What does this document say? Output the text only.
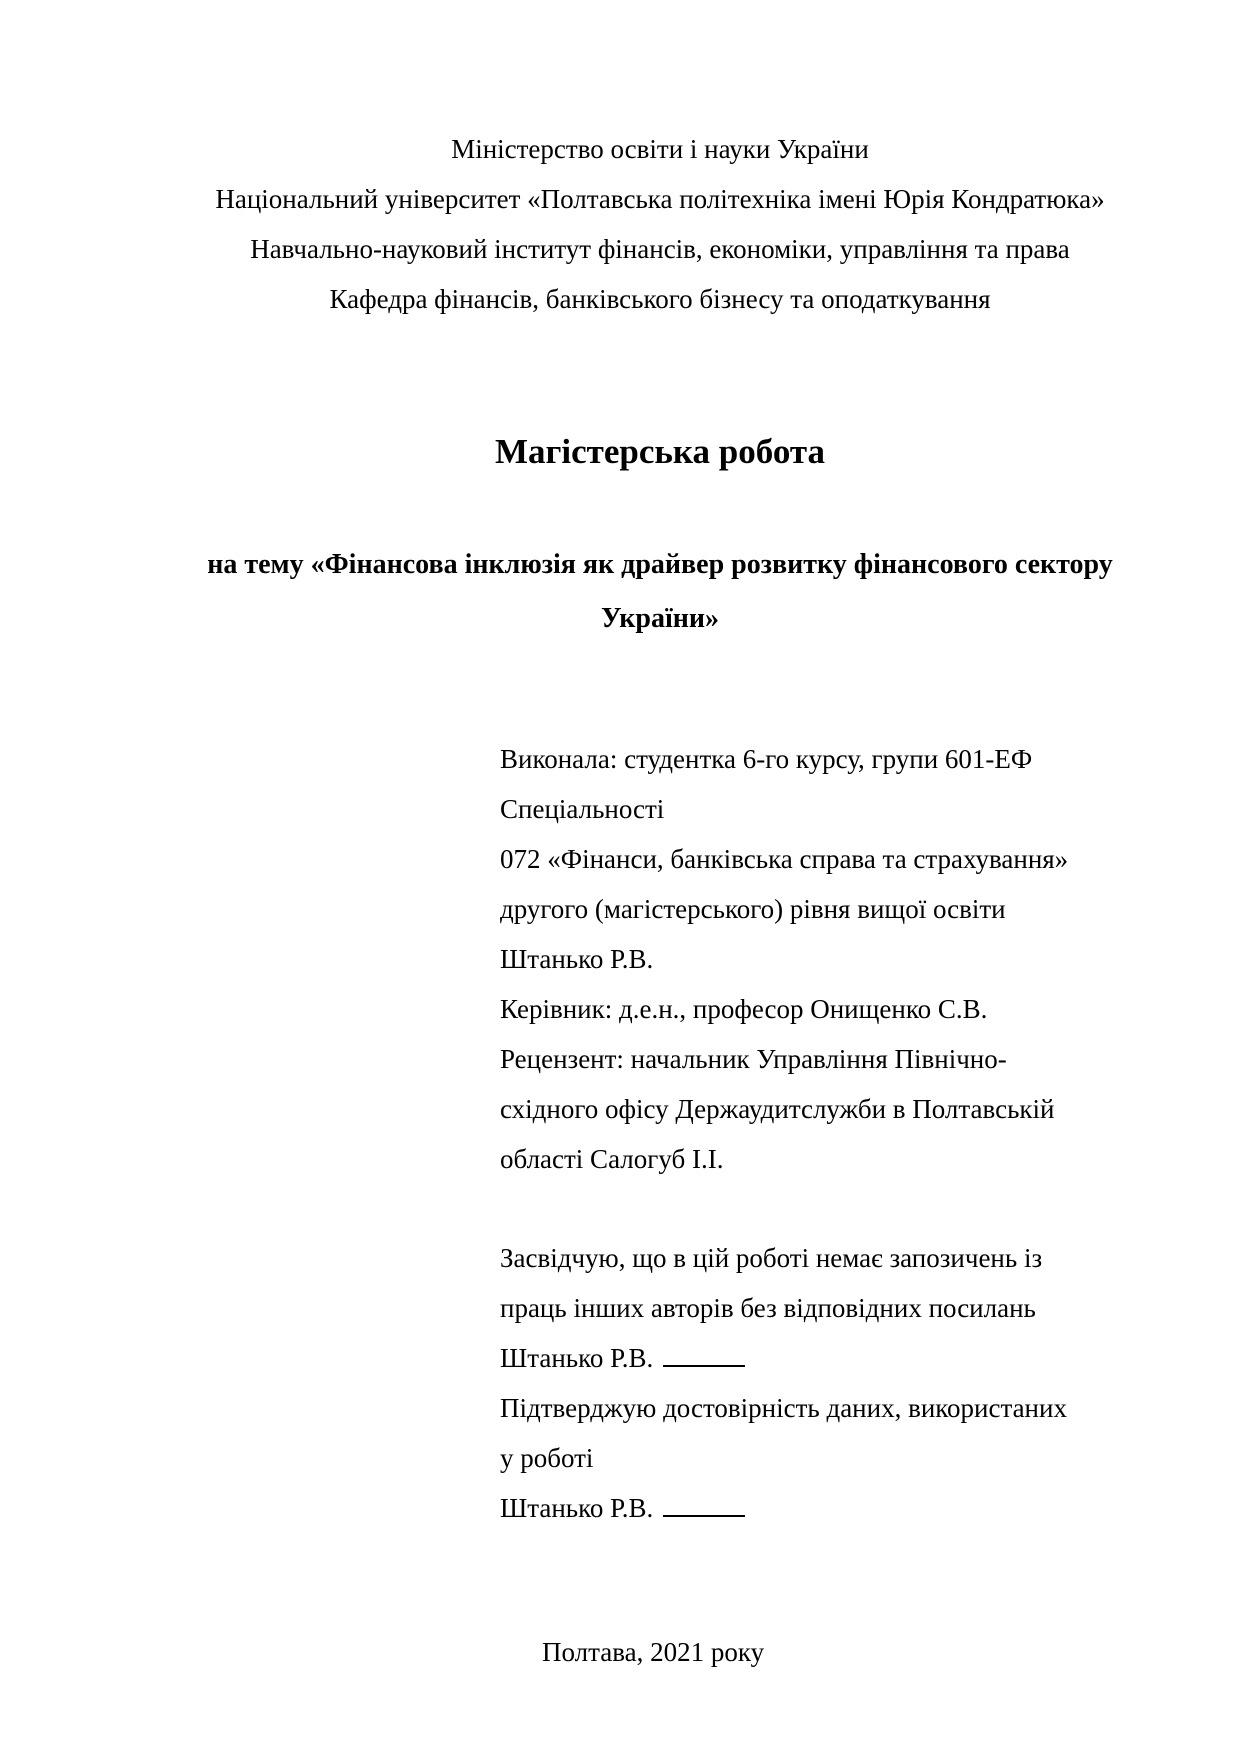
Міністерство освіти і науки України
Національний університет «Полтавська політехніка імені Юрія Кондратюка»
Навчально-науковий інститут фінансів, економіки, управління та права
Кафедра фінансів, банківського бізнесу та оподаткування
Магістерська робота
на тему «Фінансова інклюзія як драйвер розвитку фінансового сектору
України»
Виконала: студентка 6-го курсу, групи 601-ЕФ
Спеціальності
072 «Фінанси, банківська справа та страхування»
другого (магістерського) рівня вищої освіти
Штанько Р.В.
Керівник: д.е.н., професор Онищенко С.В.
Рецензент: начальник Управління Північно-
східного офісу Держаудитслужби в Полтавській
області Салогуб І.І.
Засвідчую, що в цій роботі немає запозичень із
праць інших авторів без відповідних посилань
Штанько Р.В.
Підтверджую достовірність даних, використаних
у роботі
Штанько Р.В.
Полтава, 2021 року
